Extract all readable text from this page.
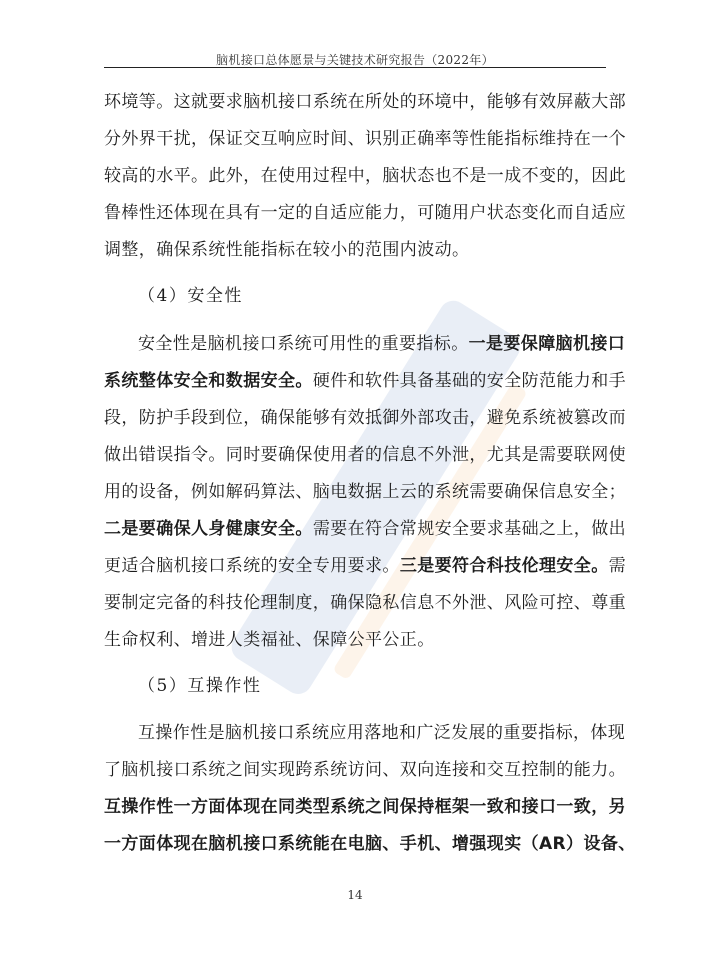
脑机接口总体愿景与关键技术研究报告（2022年）
环境等。这就要求脑机接口系统在所处的环境中，能够有效屏蔽大部
分外界干扰，保证交互响应时间、识别正确率等性能指标维持在一个
较高的水平。此外，在使用过程中，脑状态也不是一成不变的，因此
鲁棒性还体现在具有一定的自适应能力，可随用户状态变化而自适应
调整，确保系统性能指标在较小的范围内波动。
（4）安全性
安全性是脑机接口系统可用性的重要指标。一是要保障脑机接口
系统整体安全和数据安全。硬件和软件具备基础的安全防范能力和手
段，防护手段到位，确保能够有效抵御外部攻击，避免系统被篡改而
做出错误指令。同时要确保使用者的信息不外泄，尤其是需要联网使
用的设备，例如解码算法、脑电数据上云的系统需要确保信息安全；
二是要确保人身健康安全。需要在符合常规安全要求基础之上，做出
更适合脑机接口系统的安全专用要求。三是要符合科技伦理安全。需
要制定完备的科技伦理制度，确保隐私信息不外泄、风险可控、尊重
生命权利、增进人类福祉、保障公平公正。
（5）互操作性
互操作性是脑机接口系统应用落地和广泛发展的重要指标，体现
了脑机接口系统之间实现跨系统访问、双向连接和交互控制的能力。
互操作性一方面体现在同类型系统之间保持框架一致和接口一致，另
一方面体现在脑机接口系统能在电脑、手机、增强现实（AR）设备、
14
